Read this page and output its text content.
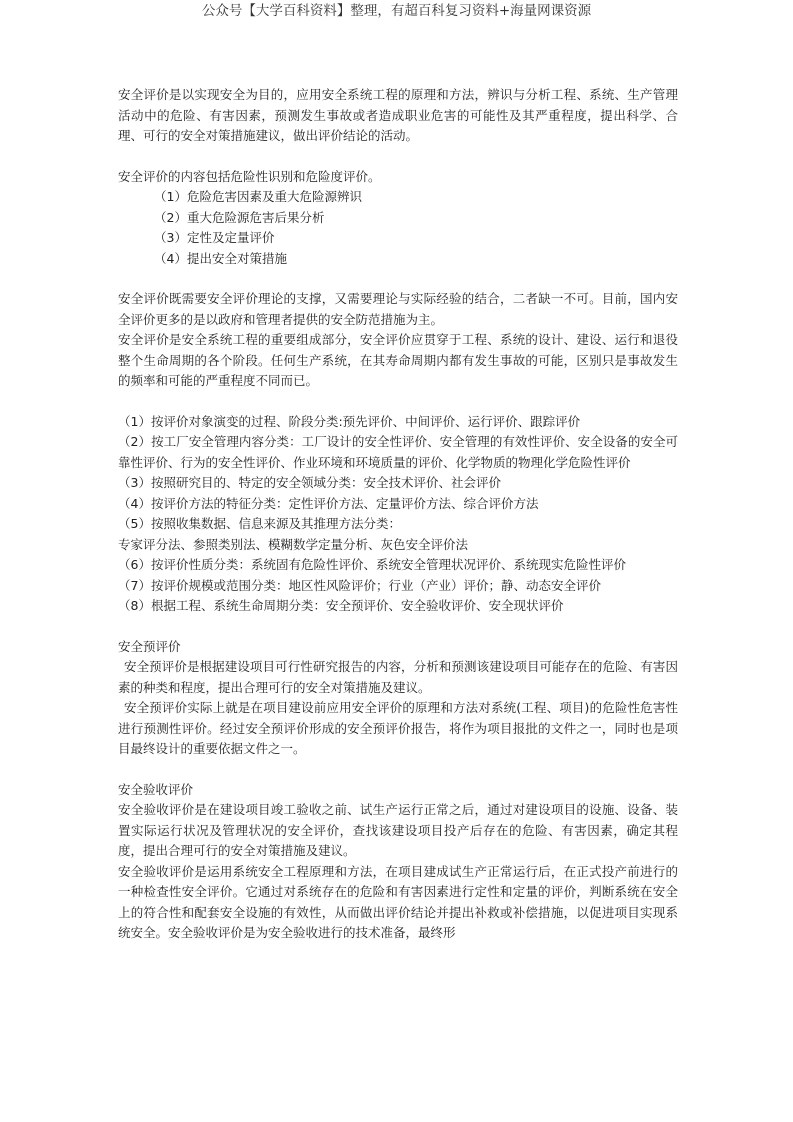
公众号【大学百科资料】整理，有超百科复习资料+海量网课资源

安全评价是以实现安全为目的，应用安全系统工程的原理和方法，辨识与分析工程、系统、生产管理活动中的危险、有害因素，预测发生事故或者造成职业危害的可能性及其严重程度，提出科学、合理、可行的安全对策措施建议，做出评价结论的活动。

安全评价的内容包括危险性识别和危险度评价。

（1）危险危害因素及重大危险源辨识

（2）重大危险源危害后果分析

（3）定性及定量评价

（4）提出安全对策措施

安全评价既需要安全评价理论的支撑，又需要理论与实际经验的结合，二者缺一不可。目前，国内安全评价更多的是以政府和管理者提供的安全防范措施为主。

安全评价是安全系统工程的重要组成部分，安全评价应贯穿于工程、系统的设计、建设、运行和退役整个生命周期的各个阶段。任何生产系统，在其寿命周期内都有发生事故的可能，区别只是事故发生的频率和可能的严重程度不同而已。

（1）按评价对象演变的过程、阶段分类:预先评价、中间评价、运行评价、跟踪评价

（2）按工厂安全管理内容分类：工厂设计的安全性评价、安全管理的有效性评价、安全设备的安全可靠性评价、行为的安全性评价、作业环境和环境质量的评价、化学物质的物理化学危险性评价

（3）按照研究目的、特定的安全领域分类：安全技术评价、社会评价

（4）按评价方法的特征分类：定性评价方法、定量评价方法、综合评价方法

（5）按照收集数据、信息来源及其推理方法分类：

专家评分法、参照类别法、模糊数学定量分析、灰色安全评价法

（6）按评价性质分类：系统固有危险性评价、系统安全管理状况评价、系统现实危险性评价

（7）按评价规模或范围分类：地区性风险评价；行业（产业）评价；静、动态安全评价

（8）根据工程、系统生命周期分类：安全预评价、安全验收评价、安全现状评价

安全预评价

安全预评价是根据建设项目可行性研究报告的内容，分析和预测该建设项目可能存在的危险、有害因素的种类和程度，提出合理可行的安全对策措施及建议。

安全预评价实际上就是在项目建设前应用安全评价的原理和方法对系统(工程、项目)的危险性危害性进行预测性评价。经过安全预评价形成的安全预评价报告，将作为项目报批的文件之一，同时也是项目最终设计的重要依据文件之一。

安全验收评价

安全验收评价是在建设项目竣工验收之前、试生产运行正常之后，通过对建设项目的设施、设备、装置实际运行状况及管理状况的安全评价，查找该建设项目投产后存在的危险、有害因素，确定其程度，提出合理可行的安全对策措施及建议。

安全验收评价是运用系统安全工程原理和方法，在项目建成试生产正常运行后，在正式投产前进行的一种检查性安全评价。它通过对系统存在的危险和有害因素进行定性和定量的评价，判断系统在安全上的符合性和配套安全设施的有效性，从而做出评价结论并提出补救或补偿措施，以促进项目实现系统安全。安全验收评价是为安全验收进行的技术准备，最终形
